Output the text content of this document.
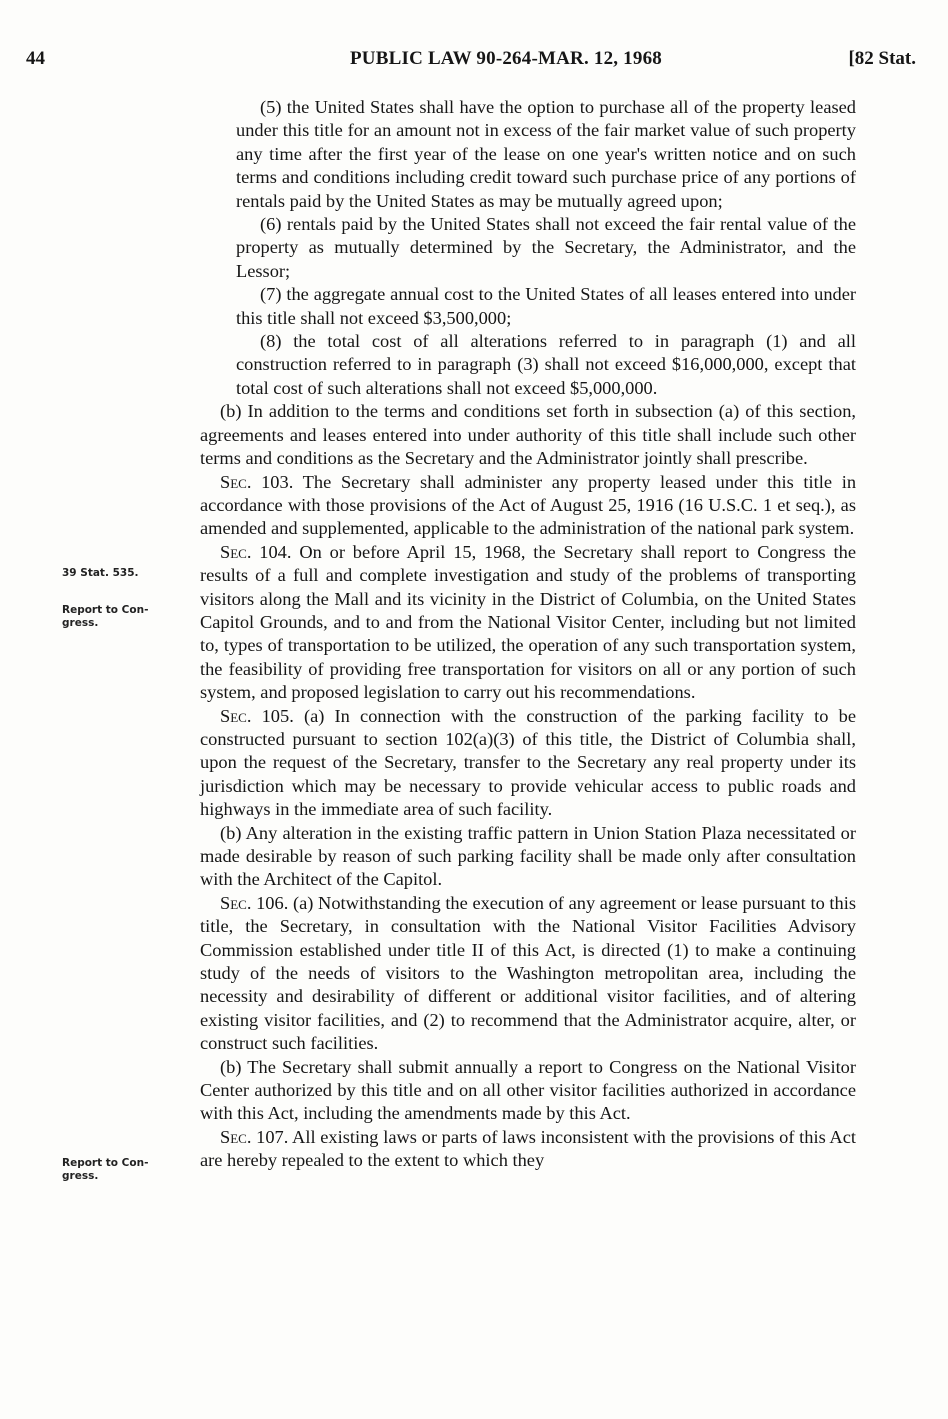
44	PUBLIC LAW 90-264-MAR. 12, 1968	[82 Stat.
39 Stat. 535.
Report to Con-gress.
Report to Con-gress.

(5) the United States shall have the option to purchase all of the property leased under this title for an amount not in excess of the fair market value of such property any time after the first year of the lease on one year's written notice and on such terms and conditions including credit toward such purchase price of any portions of rentals paid by the United States as may be mutually agreed upon;

(6) rentals paid by the United States shall not exceed the fair rental value of the property as mutually determined by the Secretary, the Administrator, and the Lessor;

(7) the aggregate annual cost to the United States of all leases entered into under this title shall not exceed $3,500,000;

(8) the total cost of all alterations referred to in paragraph (1) and all construction referred to in paragraph (3) shall not exceed $16,000,000, except that total cost of such alterations shall not exceed $5,000,000.

(b) In addition to the terms and conditions set forth in subsection (a) of this section, agreements and leases entered into under authority of this title shall include such other terms and conditions as the Secretary and the Administrator jointly shall prescribe.

Sec. 103. The Secretary shall administer any property leased under this title in accordance with those provisions of the Act of August 25, 1916 (16 U.S.C. 1 et seq.), as amended and supplemented, applicable to the administration of the national park system.

Sec. 104. On or before April 15, 1968, the Secretary shall report to Congress the results of a full and complete investigation and study of the problems of transporting visitors along the Mall and its vicinity in the District of Columbia, on the United States Capitol Grounds, and to and from the National Visitor Center, including but not limited to, types of transportation to be utilized, the operation of any such transportation system, the feasibility of providing free transportation for visitors on all or any portion of such system, and proposed legislation to carry out his recommendations.

Sec. 105. (a) In connection with the construction of the parking facility to be constructed pursuant to section 102(a)(3) of this title, the District of Columbia shall, upon the request of the Secretary, transfer to the Secretary any real property under its jurisdiction which may be necessary to provide vehicular access to public roads and highways in the immediate area of such facility.

(b) Any alteration in the existing traffic pattern in Union Station Plaza necessitated or made desirable by reason of such parking facility shall be made only after consultation with the Architect of the Capitol.

Sec. 106. (a) Notwithstanding the execution of any agreement or lease pursuant to this title, the Secretary, in consultation with the National Visitor Facilities Advisory Commission established under title II of this Act, is directed (1) to make a continuing study of the needs of visitors to the Washington metropolitan area, including the necessity and desirability of different or additional visitor facilities, and of altering existing visitor facilities, and (2) to recommend that the Administrator acquire, alter, or construct such facilities.

(b) The Secretary shall submit annually a report to Congress on the National Visitor Center authorized by this title and on all other visitor facilities authorized in accordance with this Act, including the amendments made by this Act.

Sec. 107. All existing laws or parts of laws inconsistent with the provisions of this Act are hereby repealed to the extent to which they
